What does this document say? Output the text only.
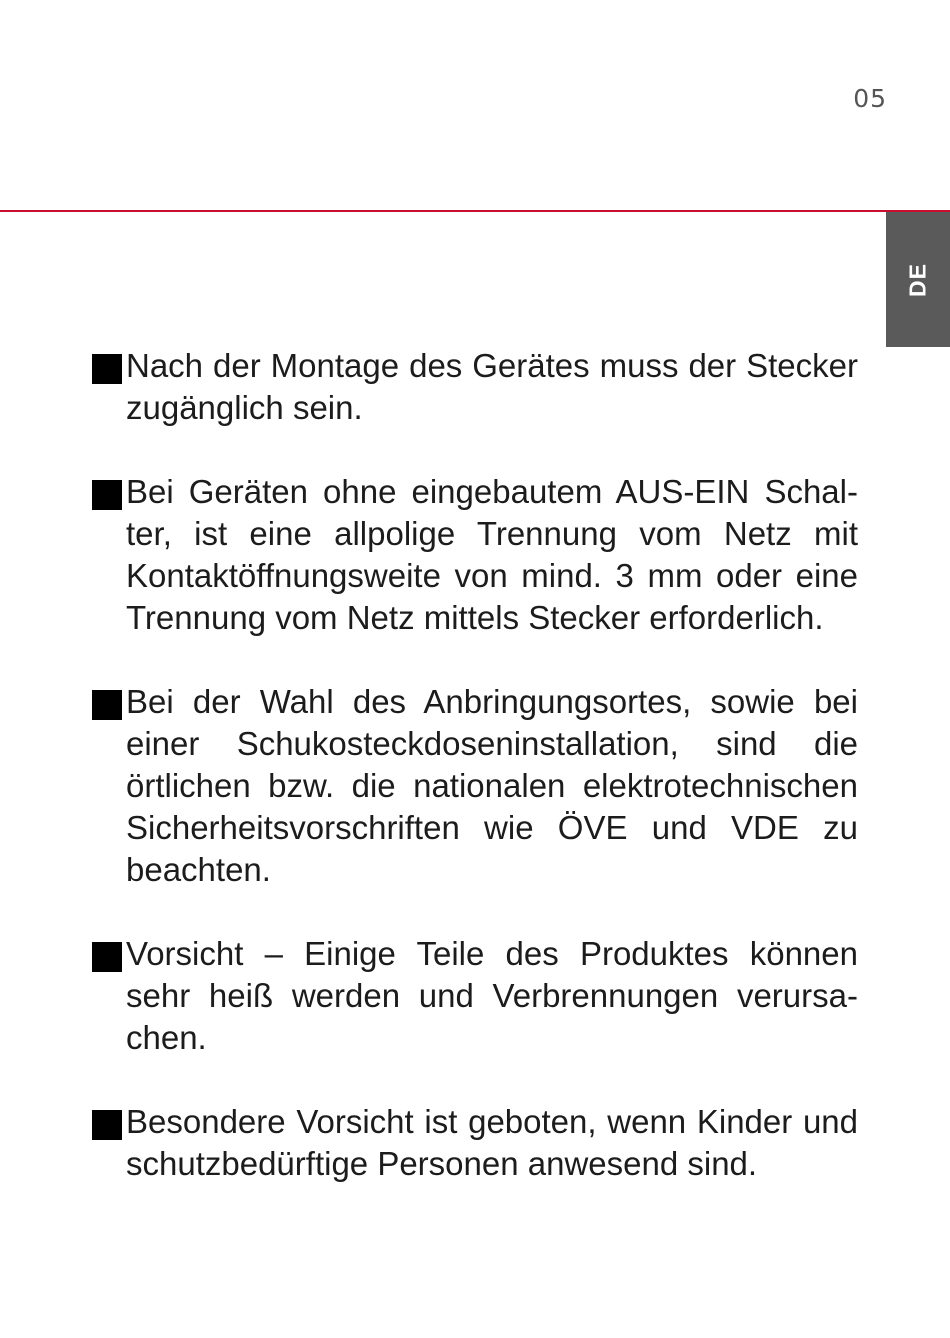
05
DE
Nach der Montage des Gerätes muss der Stecker zugänglich sein.
Bei Geräten ohne eingebautem AUS-EIN Schalter, ist eine allpolige Trennung vom Netz mit Kontaktöffnungsweite von mind. 3 mm oder eine Trennung vom Netz mittels Stecker erforderlich.
Bei der Wahl des Anbringungsortes, sowie bei einer Schukosteckdoseninstallation, sind die örtlichen bzw. die nationalen elektrotechnischen Sicherheitsvorschriften wie ÖVE und VDE zu beachten.
Vorsicht – Einige Teile des Produktes können sehr heiß werden und Verbrennungen verursachen.
Besondere Vorsicht ist geboten, wenn Kinder und schutzbedürftige Personen anwesend sind.
